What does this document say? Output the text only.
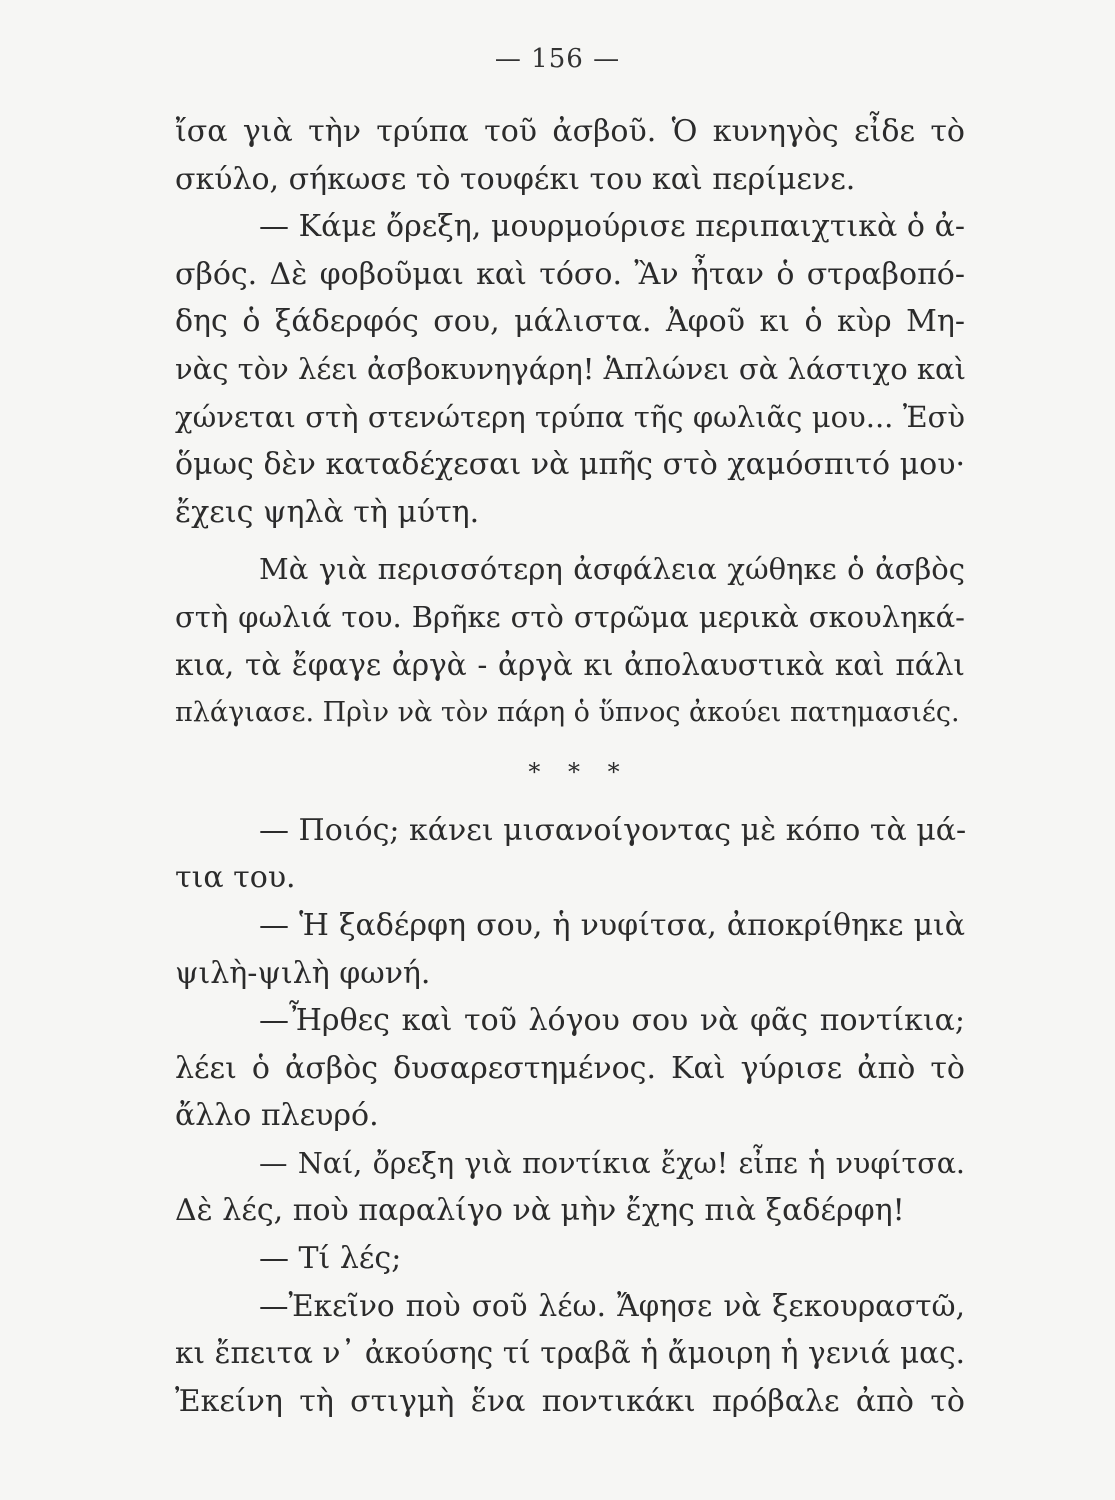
— 156 —
ἴσα γιὰ τὴν τρύπα τοῦ ἀσβοῦ. Ὁ κυνηγὸς εἶδε τὸ
σκύλο, σήκωσε τὸ τουφέκι του καὶ περίμενε.
— Κάμε ὄρεξη, μουρμούρισε περιπαιχτικὰ ὁ ἀ-
σβός. Δὲ φοβοῦμαι καὶ τόσο. Ἂν ἦταν ὁ στραβοπό-
δης ὁ ξάδερφός σου, μάλιστα. Ἀφοῦ κι ὁ κὺρ Μη-
νὰς τὸν λέει ἀσβοκυνηγάρη! Ἁπλώνει σὰ λάστιχο καὶ
χώνεται στὴ στενώτερη τρύπα τῆς φωλιᾶς μου... Ἐσὺ
ὅμως δὲν καταδέχεσαι νὰ μπῆς στὸ χαμόσπιτό μου·
ἔχεις ψηλὰ τὴ μύτη.
Μὰ γιὰ περισσότερη ἀσφάλεια χώθηκε ὁ ἀσβὸς
στὴ φωλιά του. Βρῆκε στὸ στρῶμα μερικὰ σκουληκά-
κια, τὰ ἔφαγε ἀργὰ - ἀργὰ κι ἀπολαυστικὰ καὶ πάλι
πλάγιασε. Πρὶν νὰ τὸν πάρη ὁ ὕπνος ἀκούει πατημασιές.
* * *
— Ποιός; κάνει μισανοίγοντας μὲ κόπο τὰ μά-
τια του.
— Ἡ ξαδέρφη σου, ἡ νυφίτσα, ἀποκρίθηκε μιὰ
ψιλὴ-ψιλὴ φωνή.
—Ἦρθες καὶ τοῦ λόγου σου νὰ φᾶς ποντίκια;
λέει ὁ ἀσβὸς δυσαρεστημένος. Καὶ γύρισε ἀπὸ τὸ
ἄλλο πλευρό.
— Ναί, ὄρεξη γιὰ ποντίκια ἔχω! εἶπε ἡ νυφίτσα.
Δὲ λές, ποὺ παραλίγο νὰ μὴν ἔχης πιὰ ξαδέρφη!
— Τί λές;
—Ἐκεῖνο ποὺ σοῦ λέω. Ἄφησε νὰ ξεκουραστῶ,
κι ἔπειτα ν᾽ ἀκούσης τί τραβᾶ ἡ ἄμοιρη ἡ γενιά μας.
Ἐκείνη τὴ στιγμὴ ἕνα ποντικάκι πρόβαλε ἀπὸ τὸ
